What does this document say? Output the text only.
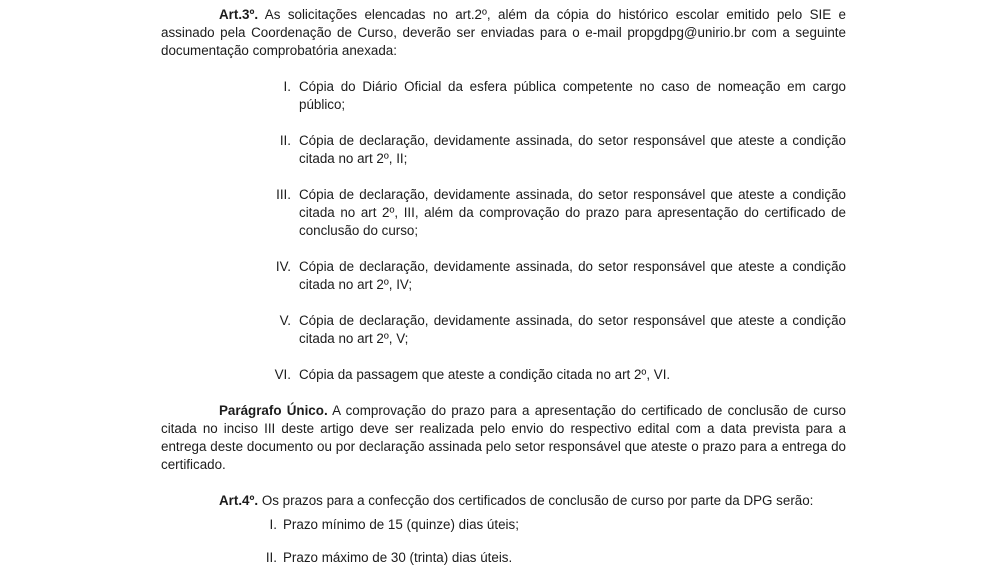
Art.3º. As solicitações elencadas no art.2º, além da cópia do histórico escolar emitido pelo SIE e assinado pela Coordenação de Curso, deverão ser enviadas para o e-mail propgdpg@unirio.br com a seguinte documentação comprobatória anexada:

I. Cópia do Diário Oficial da esfera pública competente no caso de nomeação em cargo público;
II. Cópia de declaração, devidamente assinada, do setor responsável que ateste a condição citada no art 2º, II;
III. Cópia de declaração, devidamente assinada, do setor responsável que ateste a condição citada no art 2º, III, além da comprovação do prazo para apresentação do certificado de conclusão do curso;
IV. Cópia de declaração, devidamente assinada, do setor responsável que ateste a condição citada no art 2º, IV;
V. Cópia de declaração, devidamente assinada, do setor responsável que ateste a condição citada no art 2º, V;
VI. Cópia da passagem que ateste a condição citada no art 2º, VI.

Parágrafo Único. A comprovação do prazo para a apresentação do certificado de conclusão de curso citada no inciso III deste artigo deve ser realizada pelo envio do respectivo edital com a data prevista para a entrega deste documento ou por declaração assinada pelo setor responsável que ateste o prazo para a entrega do certificado.

Art.4º. Os prazos para a confecção dos certificados de conclusão de curso por parte da DPG serão:

I. Prazo mínimo de 15 (quinze) dias úteis;
II. Prazo máximo de 30 (trinta) dias úteis.
